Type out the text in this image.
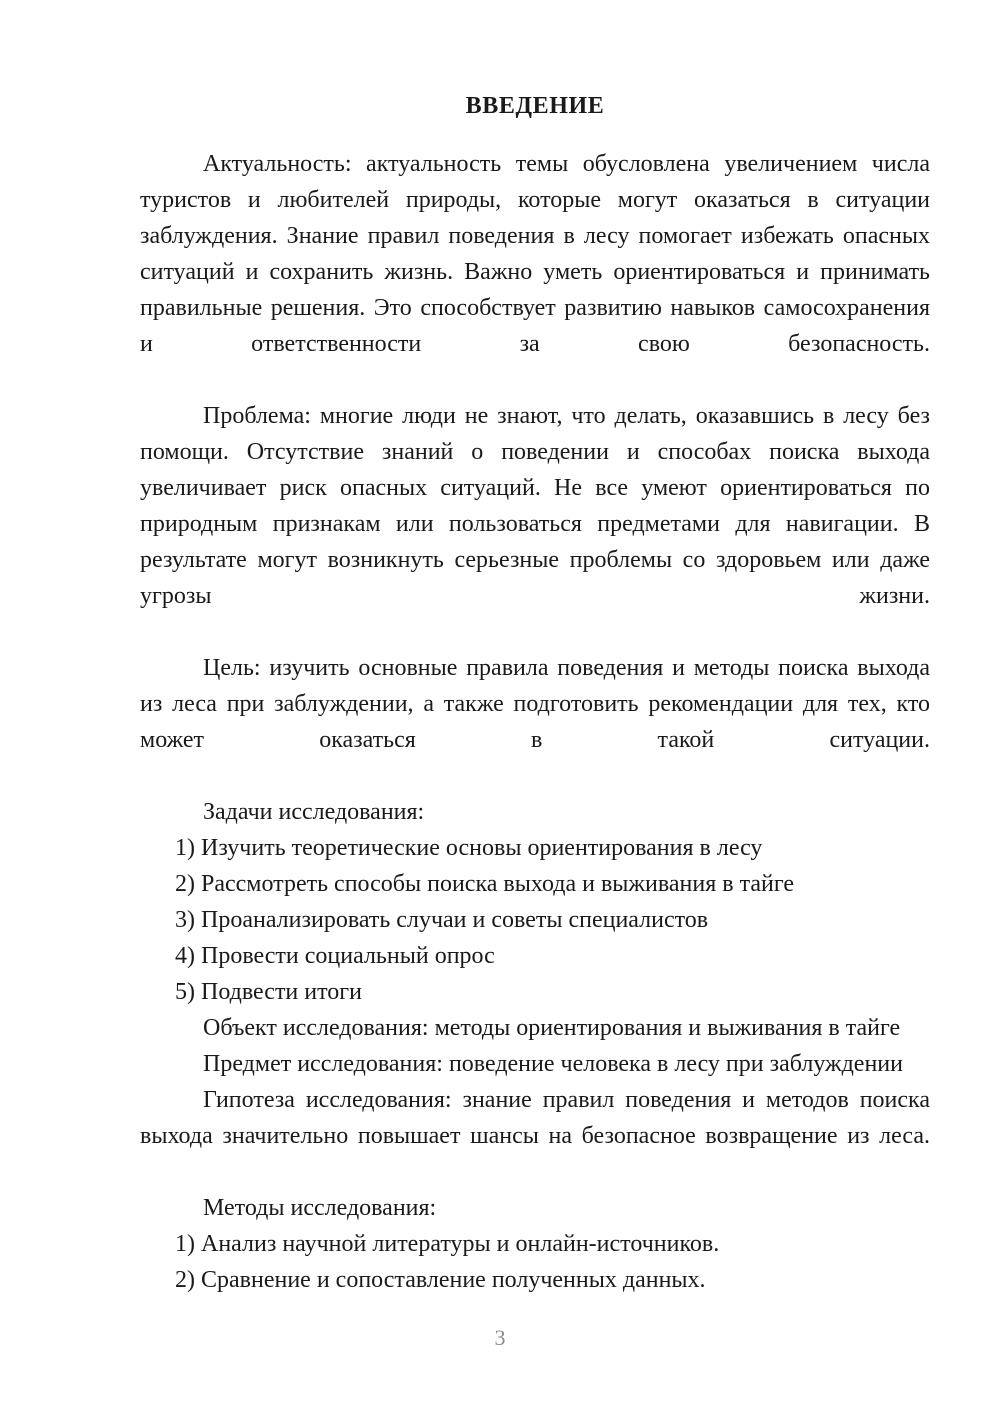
ВВЕДЕНИЕ

Актуальность: актуальность темы обусловлена увеличением числа туристов и любителей природы, которые могут оказаться в ситуации заблуждения. Знание правил поведения в лесу помогает избежать опасных ситуаций и сохранить жизнь. Важно уметь ориентироваться и принимать правильные решения. Это способствует развитию навыков самосохранения и ответственности за свою безопасность.

Проблема: многие люди не знают, что делать, оказавшись в лесу без помощи. Отсутствие знаний о поведении и способах поиска выхода увеличивает риск опасных ситуаций. Не все умеют ориентироваться по природным признакам или пользоваться предметами для навигации. В результате могут возникнуть серьезные проблемы со здоровьем или даже угрозы жизни.

Цель: изучить основные правила поведения и методы поиска выхода из леса при заблуждении, а также подготовить рекомендации для тех, кто может оказаться в такой ситуации.

Задачи исследования:

1) Изучить теоретические основы ориентирования в лесу

2) Рассмотреть способы поиска выхода и выживания в тайге

3) Проанализировать случаи и советы специалистов

4) Провести социальный опрос

5) Подвести итоги

Объект исследования: методы ориентирования и выживания в тайге

Предмет исследования: поведение человека в лесу при заблуждении

Гипотеза исследования: знание правил поведения и методов поиска выхода значительно повышает шансы на безопасное возвращение из леса.

Методы исследования:

1) Анализ научной литературы и онлайн-источников.

2) Сравнение и сопоставление полученных данных.

3
